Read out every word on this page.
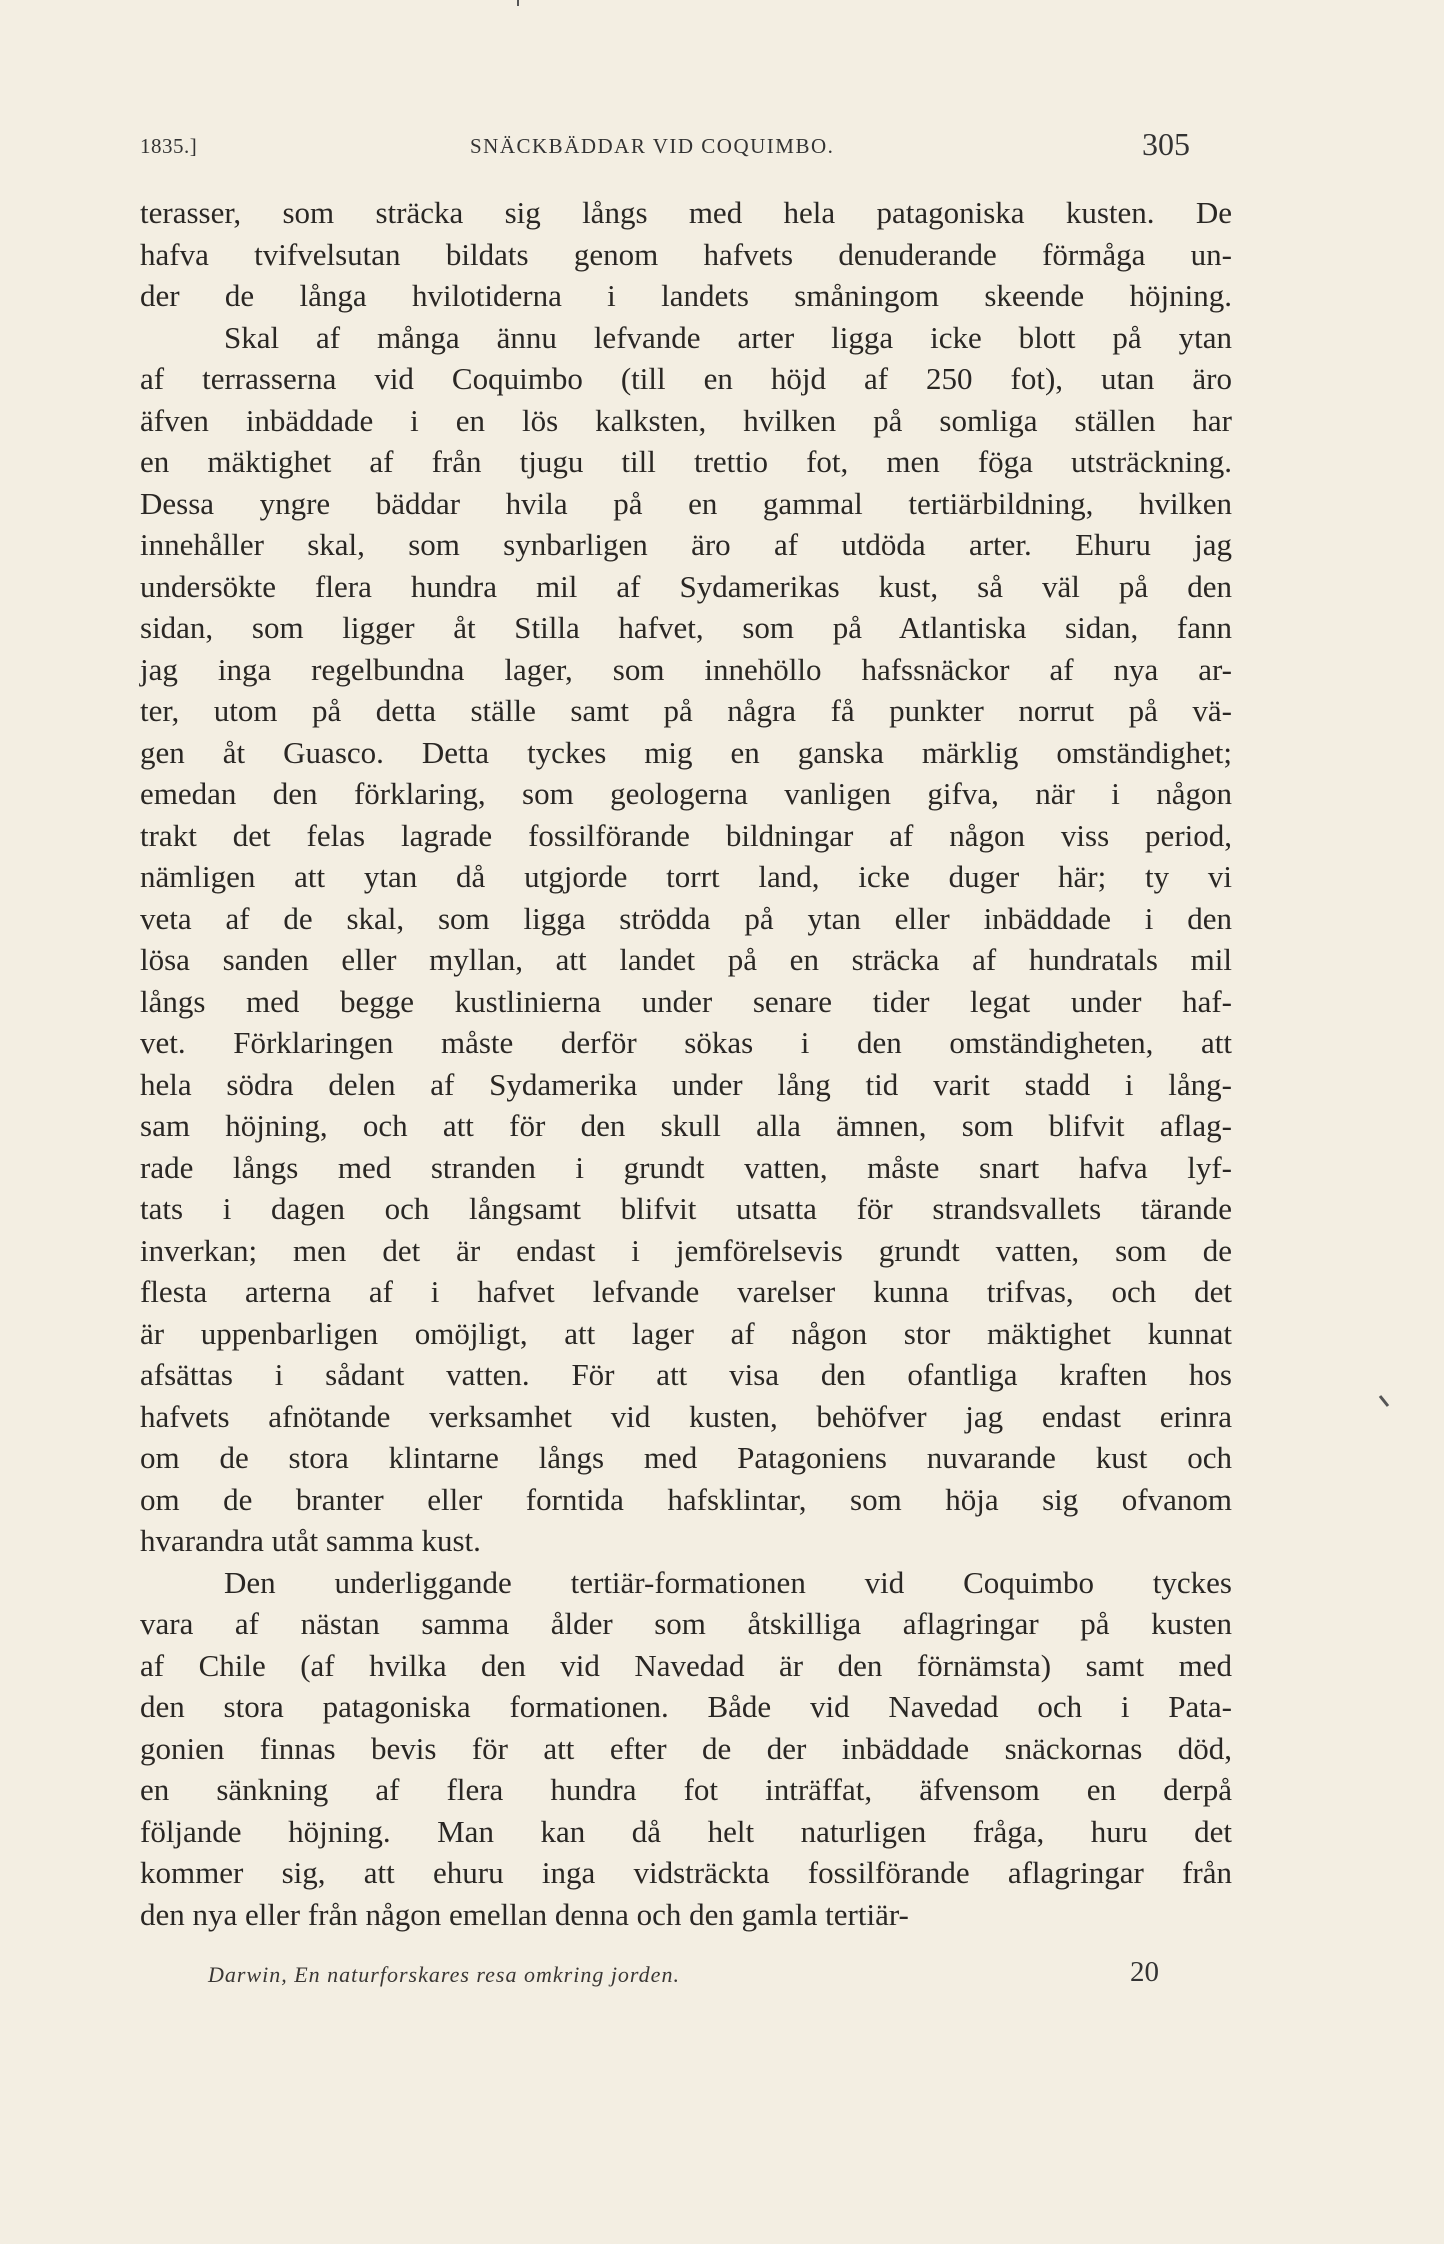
1835.]	SNÄCKBÄDDAR VID COQUIMBO.	305
terasser, som sträcka sig långs med hela patagoniska kusten. De
hafva tvifvelsutan bildats genom hafvets denuderande förmåga un-
der de långa hvilotiderna i landets småningom skeende höjning.
Skal af många ännu lefvande arter ligga icke blott på ytan
af terrasserna vid Coquimbo (till en höjd af 250 fot), utan äro
äfven inbäddade i en lös kalksten, hvilken på somliga ställen har
en mäktighet af från tjugu till trettio fot, men föga utsträckning.
Dessa yngre bäddar hvila på en gammal tertiärbildning, hvilken
innehåller skal, som synbarligen äro af utdöda arter. Ehuru jag
undersökte flera hundra mil af Sydamerikas kust, så väl på den
sidan, som ligger åt Stilla hafvet, som på Atlantiska sidan, fann
jag inga regelbundna lager, som innehöllo hafssnäckor af nya ar-
ter, utom på detta ställe samt på några få punkter norrut på vä-
gen åt Guasco. Detta tyckes mig en ganska märklig omständighet;
emedan den förklaring, som geologerna vanligen gifva, när i någon
trakt det felas lagrade fossilförande bildningar af någon viss period,
nämligen att ytan då utgjorde torrt land, icke duger här; ty vi
veta af de skal, som ligga strödda på ytan eller inbäddade i den
lösa sanden eller myllan, att landet på en sträcka af hundratals mil
långs med begge kustlinierna under senare tider legat under haf-
vet. Förklaringen måste derför sökas i den omständigheten, att
hela södra delen af Sydamerika under lång tid varit stadd i lång-
sam höjning, och att för den skull alla ämnen, som blifvit aflag-
rade långs med stranden i grundt vatten, måste snart hafva lyf-
tats i dagen och långsamt blifvit utsatta för strandsvallets tärande
inverkan; men det är endast i jemförelsevis grundt vatten, som de
flesta arterna af i hafvet lefvande varelser kunna trifvas, och det
är uppenbarligen omöjligt, att lager af någon stor mäktighet kunnat
afsättas i sådant vatten. För att visa den ofantliga kraften hos
hafvets afnötande verksamhet vid kusten, behöfver jag endast erinra
om de stora klintarne långs med Patagoniens nuvarande kust och
om de branter eller forntida hafsklintar, som höja sig ofvanom
hvarandra utåt samma kust.
Den underliggande tertiär-formationen vid Coquimbo tyckes
vara af nästan samma ålder som åtskilliga aflagringar på kusten
af Chile (af hvilka den vid Navedad är den förnämsta) samt med
den stora patagoniska formationen. Både vid Navedad och i Pata-
gonien finnas bevis för att efter de der inbäddade snäckornas död,
en sänkning af flera hundra fot inträffat, äfvensom en derpå
följande höjning. Man kan då helt naturligen fråga, huru det
kommer sig, att ehuru inga vidsträckta fossilförande aflagringar från
den nya eller från någon emellan denna och den gamla tertiär-
Darwin, En naturforskares resa omkring jorden.	20
